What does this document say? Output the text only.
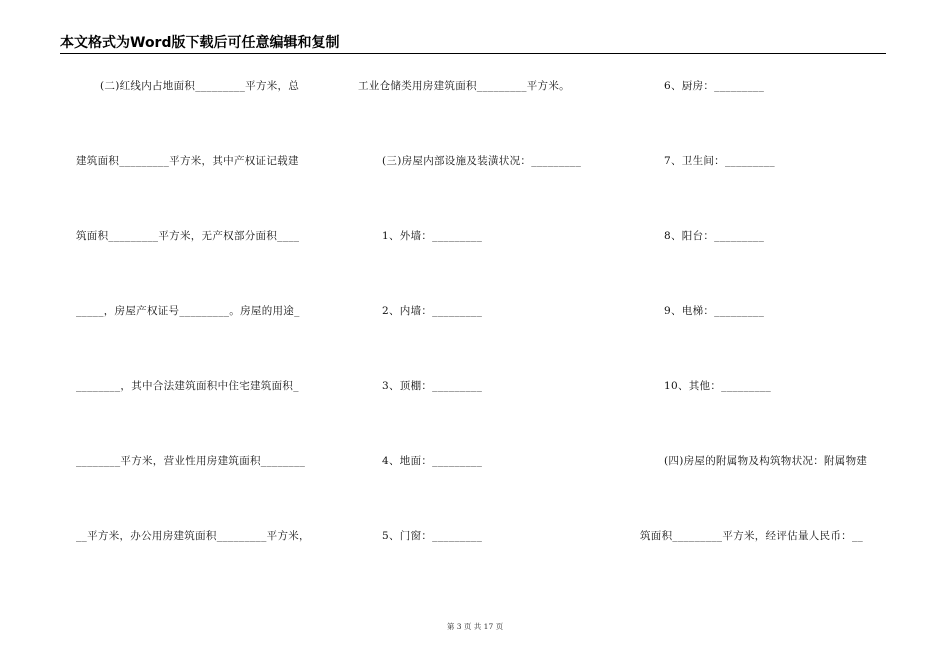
本文格式为Word版下载后可任意编辑和复制
(二)红线内占地面积_________平方米，总
建筑面积_________平方米，其中产权证记载建
筑面积_________平方米，无产权部分面积____
_____，房屋产权证号_________。房屋的用途_
________，其中合法建筑面积中住宅建筑面积_
________平方米，营业性用房建筑面积________
__平方米，办公用房建筑面积_________平方米，
工业仓储类用房建筑面积_________平方米。
(三)房屋内部设施及装潢状况：_________
1、外墙：_________
2、内墙：_________
3、顶棚：_________
4、地面：_________
5、门窗：_________
6、厨房：_________
7、卫生间：_________
8、阳台：_________
9、电梯：_________
10、其他：_________
(四)房屋的附属物及构筑物状况：附属物建
筑面积_________平方米，经评估量人民币：__
第 3 页 共 17 页
